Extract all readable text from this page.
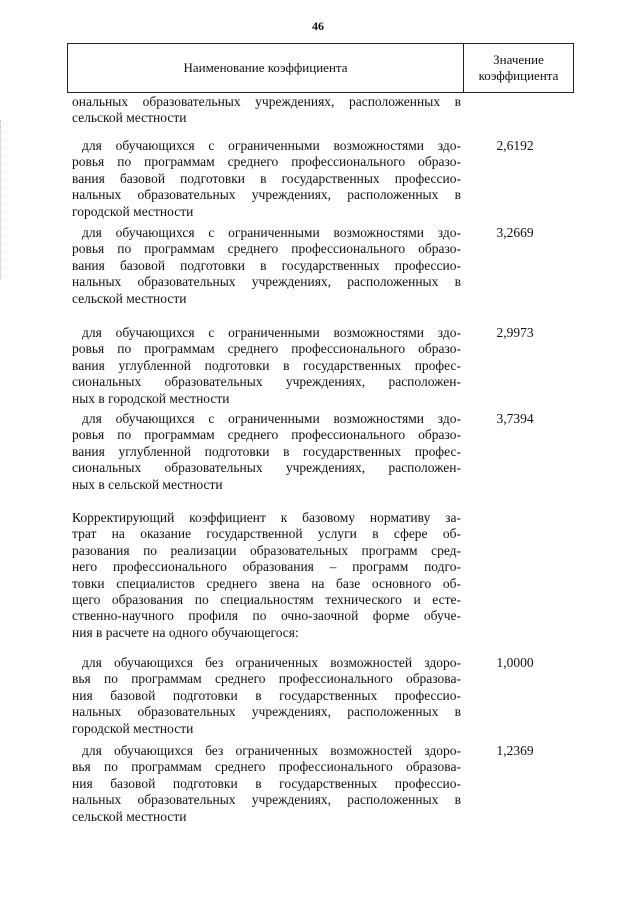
46
Наименование коэффициента
Значение
коэффициента
ональных образовательных учреждениях, расположенных в
сельской местности
для обучающихся с ограниченными возможностями здо-
ровья по программам среднего профессионального образо-
вания базовой подготовки в государственных профессио-
нальных образовательных учреждениях, расположенных в
городской местности
2,6192
для обучающихся с ограниченными возможностями здо-
ровья по программам среднего профессионального образо-
вания базовой подготовки в государственных профессио-
нальных образовательных учреждениях, расположенных в
сельской местности
3,2669
для обучающихся с ограниченными возможностями здо-
ровья по программам среднего профессионального образо-
вания углубленной подготовки в государственных профес-
сиональных образовательных учреждениях, расположен-
ных в городской местности
2,9973
для обучающихся с ограниченными возможностями здо-
ровья по программам среднего профессионального образо-
вания углубленной подготовки в государственных профес-
сиональных образовательных учреждениях, расположен-
ных в сельской местности
3,7394
Корректирующий коэффициент к базовому нормативу за-
трат на оказание государственной услуги в сфере об-
разования по реализации образовательных программ сред-
него профессионального образования – программ подго-
товки специалистов среднего звена на базе основного об-
щего образования по специальностям технического и есте-
ственно-научного профиля по очно-заочной форме обуче-
ния в расчете на одного обучающегося:
для обучающихся без ограниченных возможностей здоро-
вья по программам среднего профессионального образова-
ния базовой подготовки в государственных профессио-
нальных образовательных учреждениях, расположенных в
городской местности
1,0000
для обучающихся без ограниченных возможностей здоро-
вья по программам среднего профессионального образова-
ния базовой подготовки в государственных профессио-
нальных образовательных учреждениях, расположенных в
сельской местности
1,2369
